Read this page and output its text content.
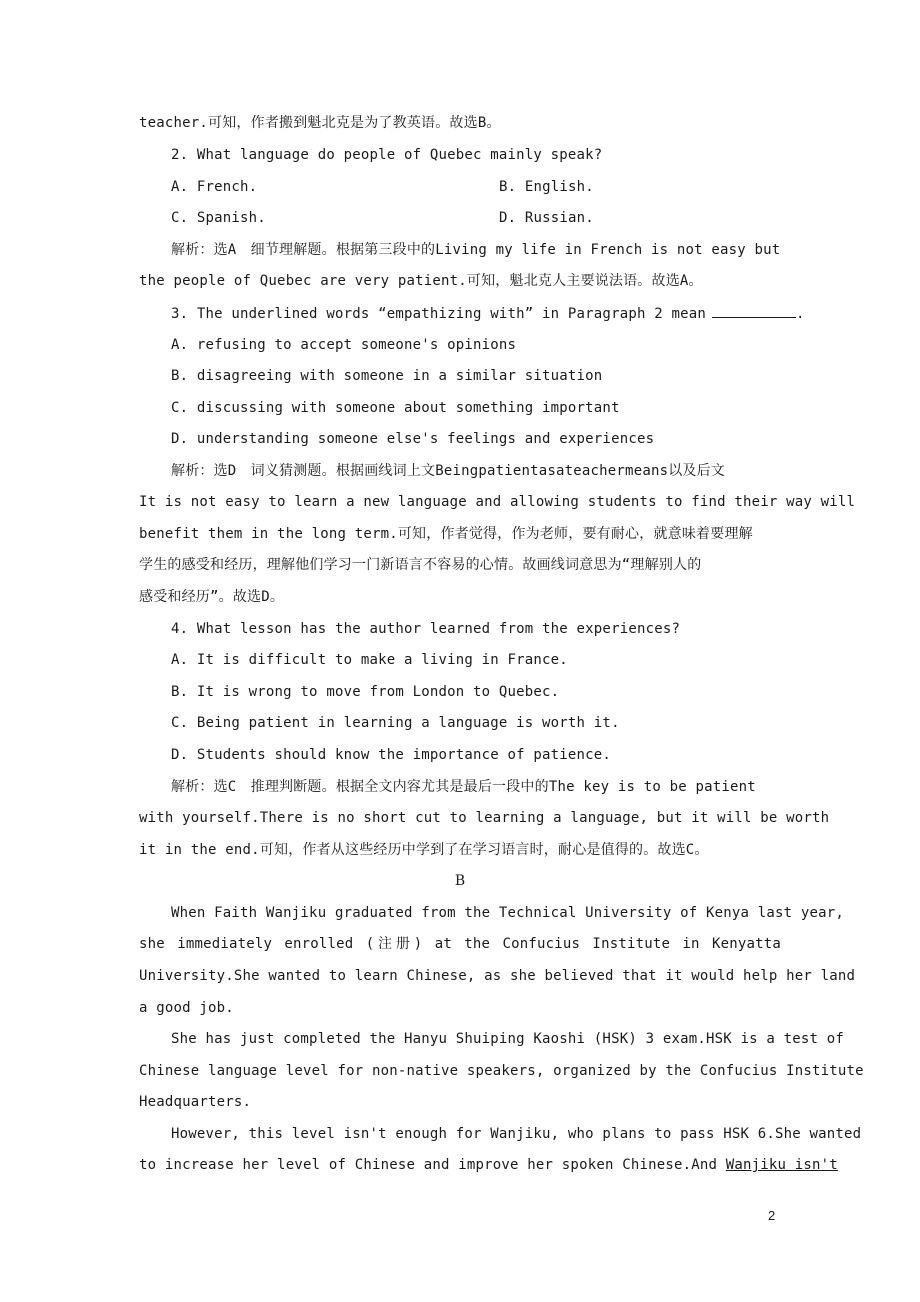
teacher.可知，作者搬到魁北克是为了教英语。故选B。
2. What language do people of Quebec mainly speak?
A. French.	B. English.
C. Spanish.	D. Russian.
解析：选A　细节理解题。根据第三段中的Living my life in French is not easy but
the people of Quebec are very patient.可知，魁北克人主要说法语。故选A。
3. The underlined words “empathizing with” in Paragraph 2 mean	.
A. refusing to accept someone's opinions
B. disagreeing with someone in a similar situation
C. discussing with someone about something important
D. understanding someone else's feelings and experiences
解析：选D　词义猜测题。根据画线词上文Beingpatientasateachermeans以及后文
It is not easy to learn a new language and allowing students to find their way will
benefit them in the long term.可知，作者觉得，作为老师，要有耐心，就意味着要理解
学生的感受和经历，理解他们学习一门新语言不容易的心情。故画线词意思为“理解别人的
感受和经历”。故选D。
4. What lesson has the author learned from the experiences?
A. It is difficult to make a living in France.
B. It is wrong to move from London to Quebec.
C. Being patient in learning a language is worth it.
D. Students should know the importance of patience.
解析：选C　推理判断题。根据全文内容尤其是最后一段中的The key is to be patient
with yourself.There is no short cut to learning a language, but it will be worth
it in the end.可知，作者从这些经历中学到了在学习语言时，耐心是值得的。故选C。
B
When Faith Wanjiku graduated from the Technical University of Kenya last year,
she immediately enrolled (注册) at the Confucius Institute in Kenyatta
University.She wanted to learn Chinese, as she believed that it would help her land
a good job.
She has just completed the Hanyu Shuiping Kaoshi (HSK) 3 exam.HSK is a test of
Chinese language level for non-native speakers, organized by the Confucius Institute
Headquarters.
However, this level isn't enough for Wanjiku, who plans to pass HSK 6.She wanted
to increase her level of Chinese and improve her spoken Chinese.And Wanjiku isn't
2
